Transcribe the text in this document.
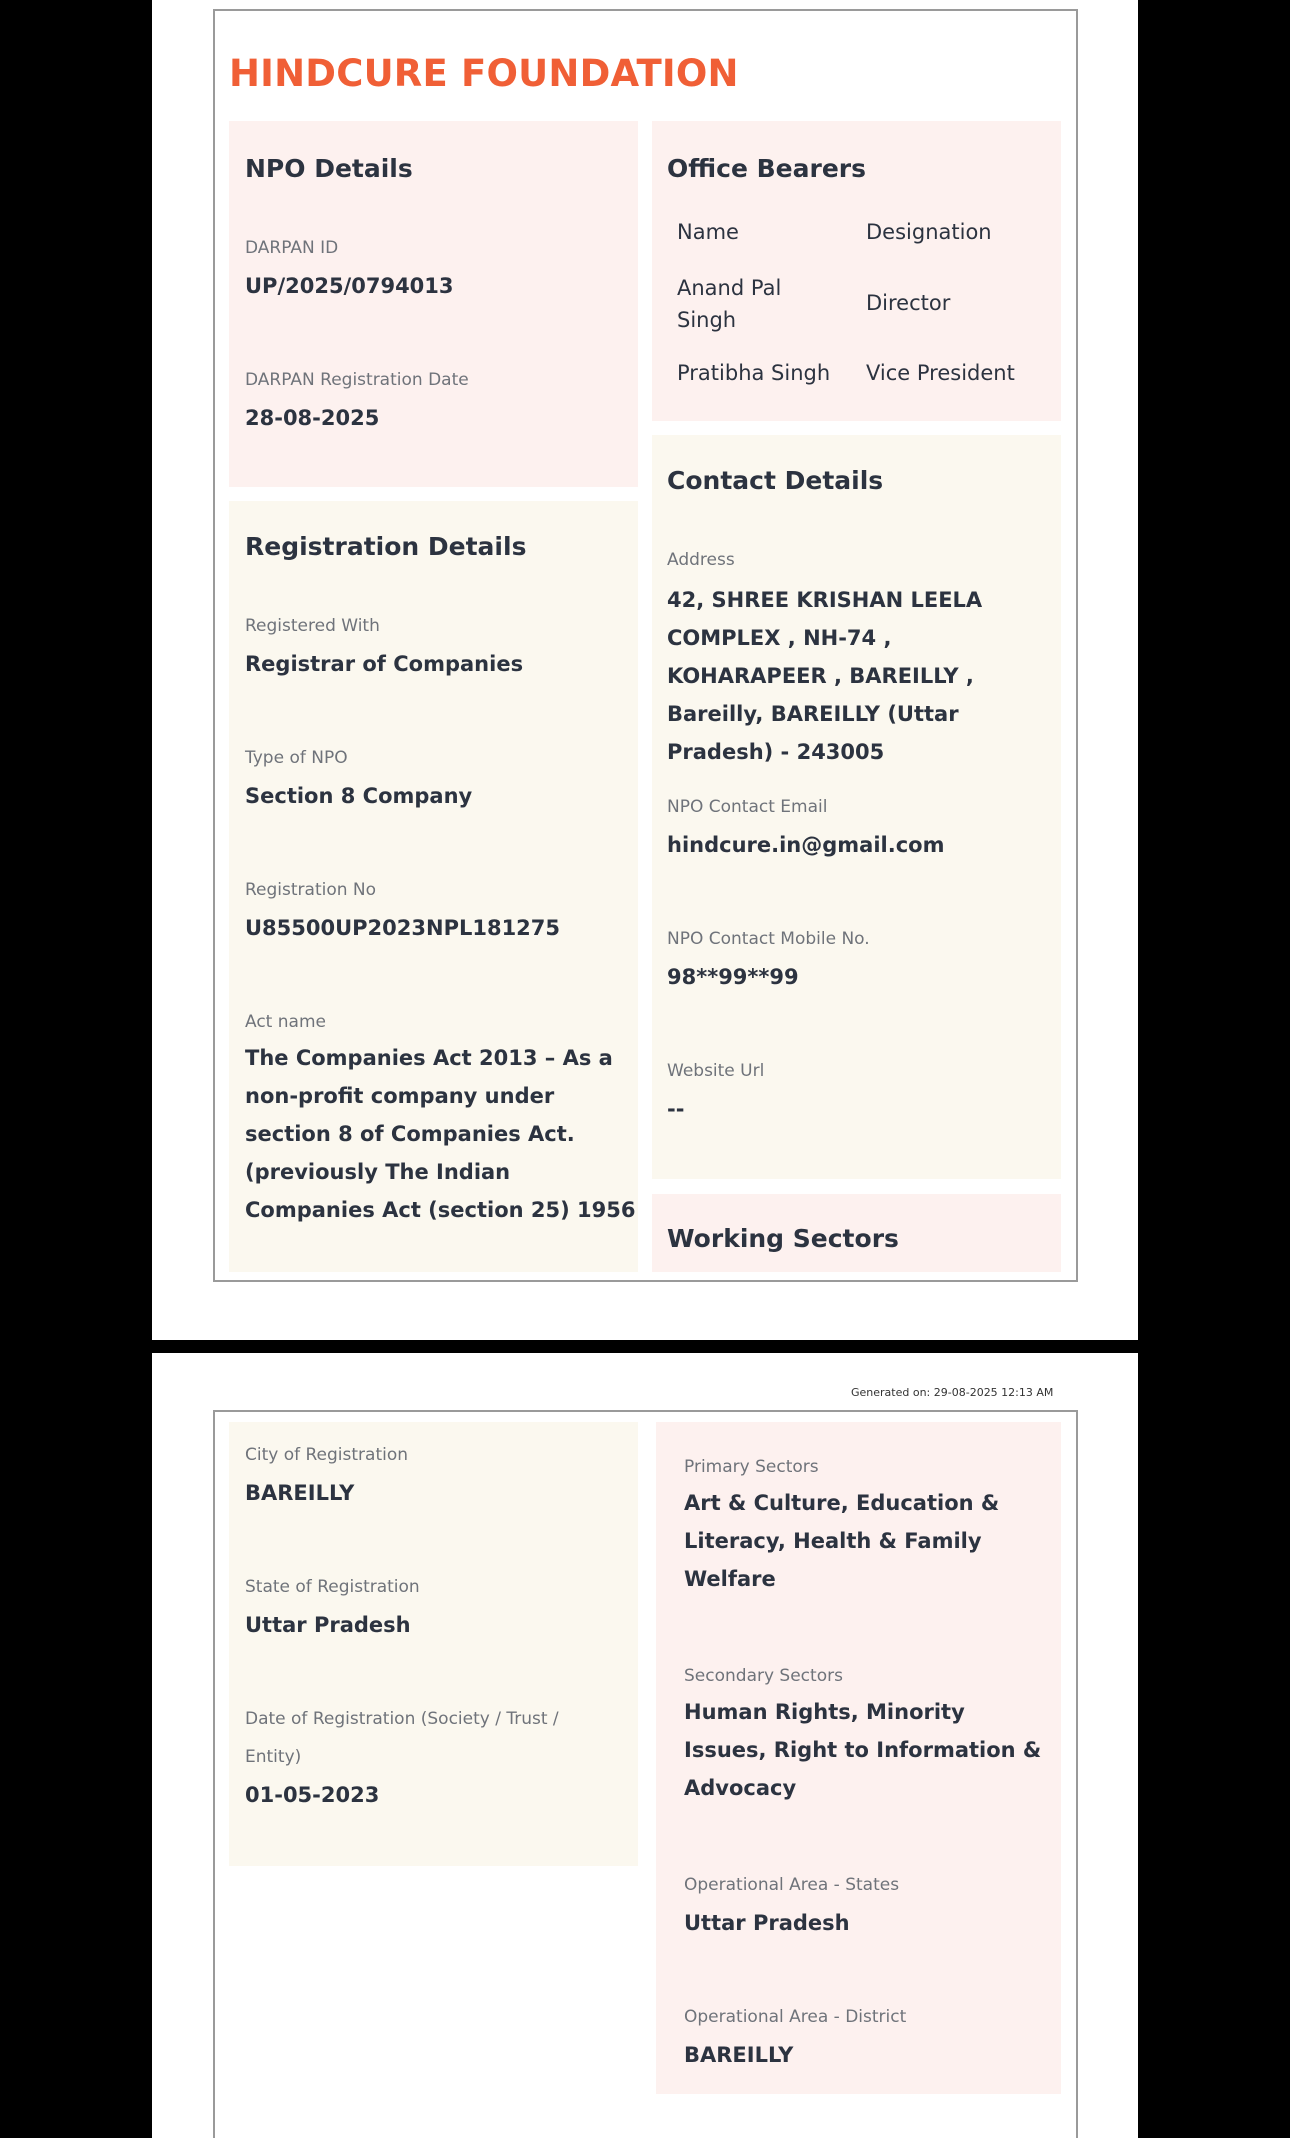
HINDCURE FOUNDATION
NPO Details
DARPAN ID
UP/2025/0794013
DARPAN Registration Date
28-08-2025
Office Bearers
Name	Designation
Anand Pal Singh
Director
Pratibha Singh Vice President
Registration Details
Registered With
Registrar of Companies
Type of NPO
Section 8 Company
Registration No
U85500UP2023NPL181275
Act name
The Companies Act 2013 – As a non-profit company under section 8 of Companies Act. (previously The Indian Companies Act (section 25) 1956
Contact Details
Address
42, SHREE KRISHAN LEELA COMPLEX , NH-74 , KOHARAPEER , BAREILLY , Bareilly, BAREILLY (Uttar Pradesh) - 243005
NPO Contact Email
hindcure.in@gmail.com
NPO Contact Mobile No.
98**99**99
Website Url
--
Working Sectors
Generated on: 29-08-2025 12:13 AM
City of Registration
BAREILLY
State of Registration
Uttar Pradesh
Date of Registration (Society / Trust / Entity)
01-05-2023
Primary Sectors
Art & Culture, Education & Literacy, Health & Family Welfare
Secondary Sectors
Human Rights, Minority Issues, Right to Information & Advocacy
Operational Area - States
Uttar Pradesh
Operational Area - District
BAREILLY
